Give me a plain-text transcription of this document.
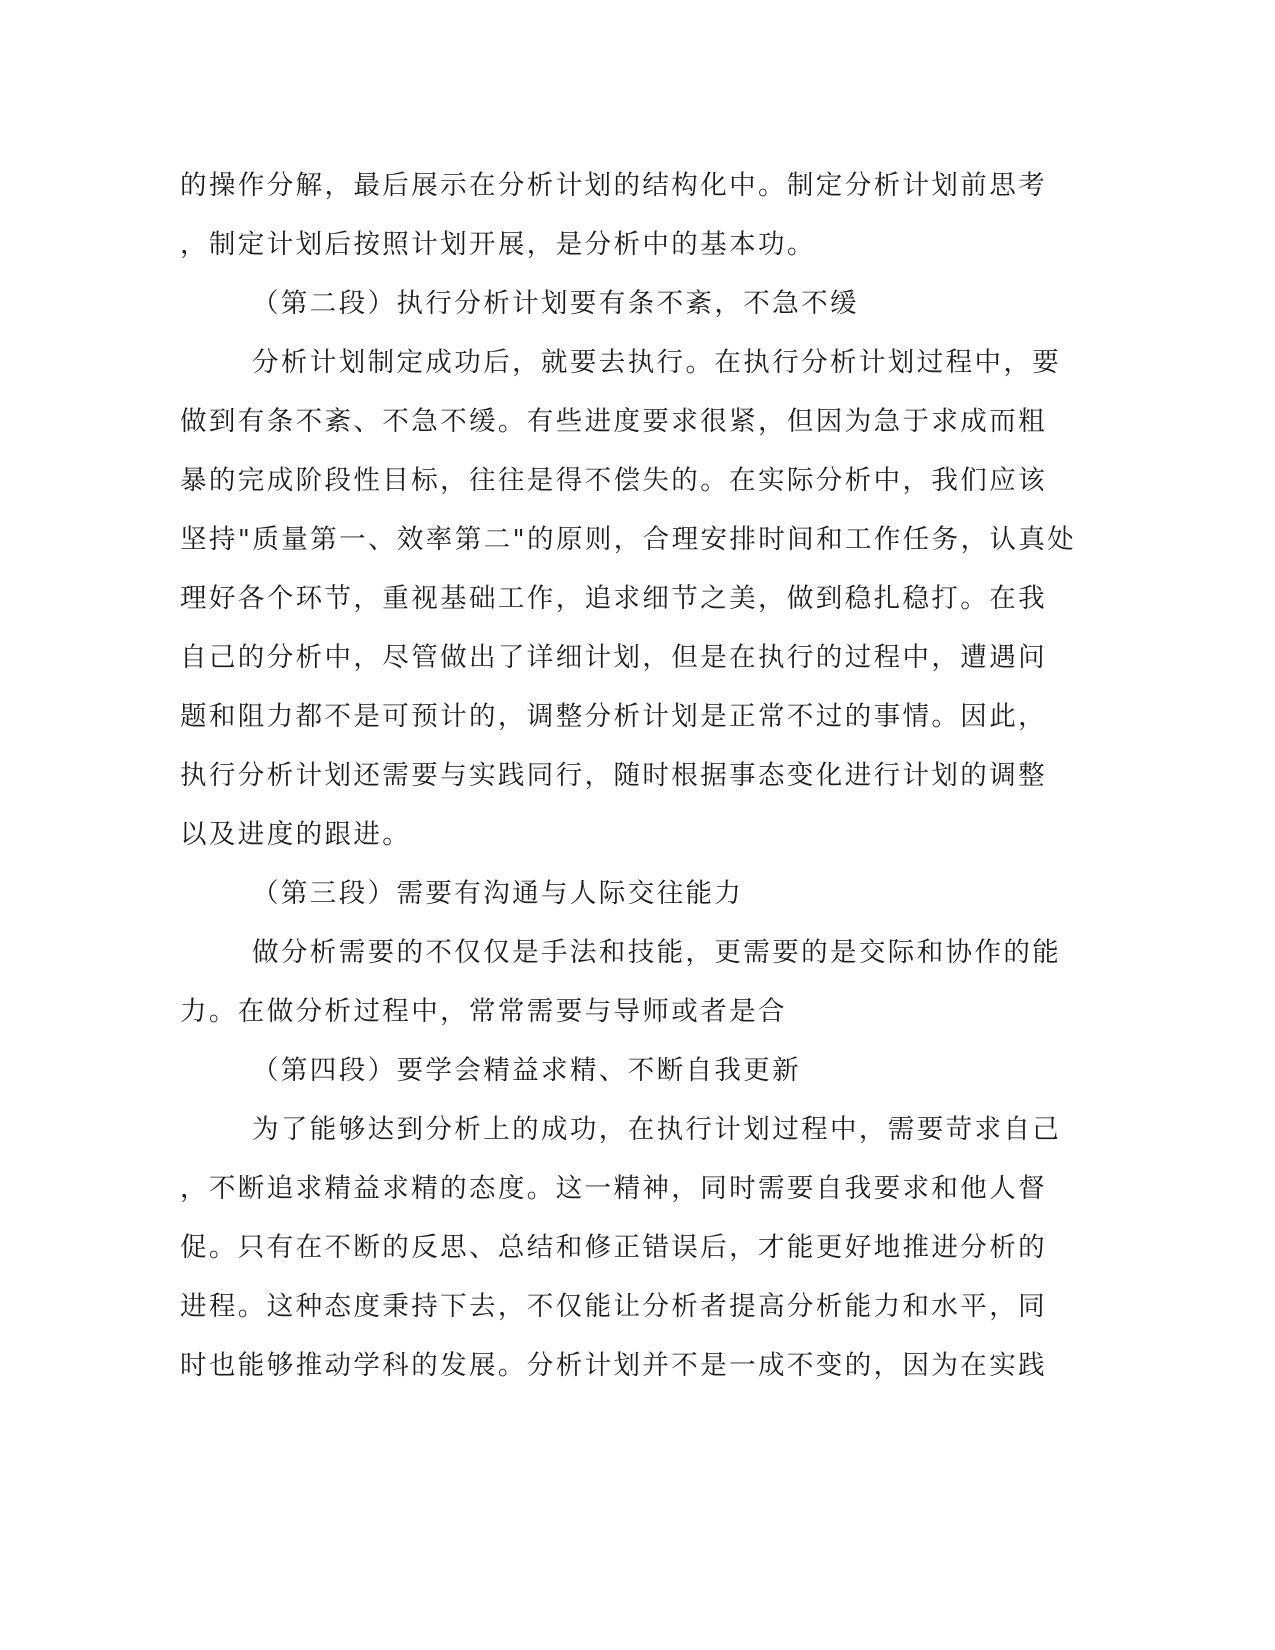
的操作分解，最后展示在分析计划的结构化中。制定分析计划前思考
，制定计划后按照计划开展，是分析中的基本功。
（第二段）执行分析计划要有条不紊，不急不缓
分析计划制定成功后，就要去执行。在执行分析计划过程中，要
做到有条不紊、不急不缓。有些进度要求很紧，但因为急于求成而粗
暴的完成阶段性目标，往往是得不偿失的。在实际分析中，我们应该
坚持"质量第一、效率第二"的原则，合理安排时间和工作任务，认真处
理好各个环节，重视基础工作，追求细节之美，做到稳扎稳打。在我
自己的分析中，尽管做出了详细计划，但是在执行的过程中，遭遇问
题和阻力都不是可预计的，调整分析计划是正常不过的事情。因此，
执行分析计划还需要与实践同行，随时根据事态变化进行计划的调整
以及进度的跟进。
（第三段）需要有沟通与人际交往能力
做分析需要的不仅仅是手法和技能，更需要的是交际和协作的能
力。在做分析过程中，常常需要与导师或者是合
（第四段）要学会精益求精、不断自我更新
为了能够达到分析上的成功，在执行计划过程中，需要苛求自己
，不断追求精益求精的态度。这一精神，同时需要自我要求和他人督
促。只有在不断的反思、总结和修正错误后，才能更好地推进分析的
进程。这种态度秉持下去，不仅能让分析者提高分析能力和水平，同
时也能够推动学科的发展。分析计划并不是一成不变的，因为在实践
